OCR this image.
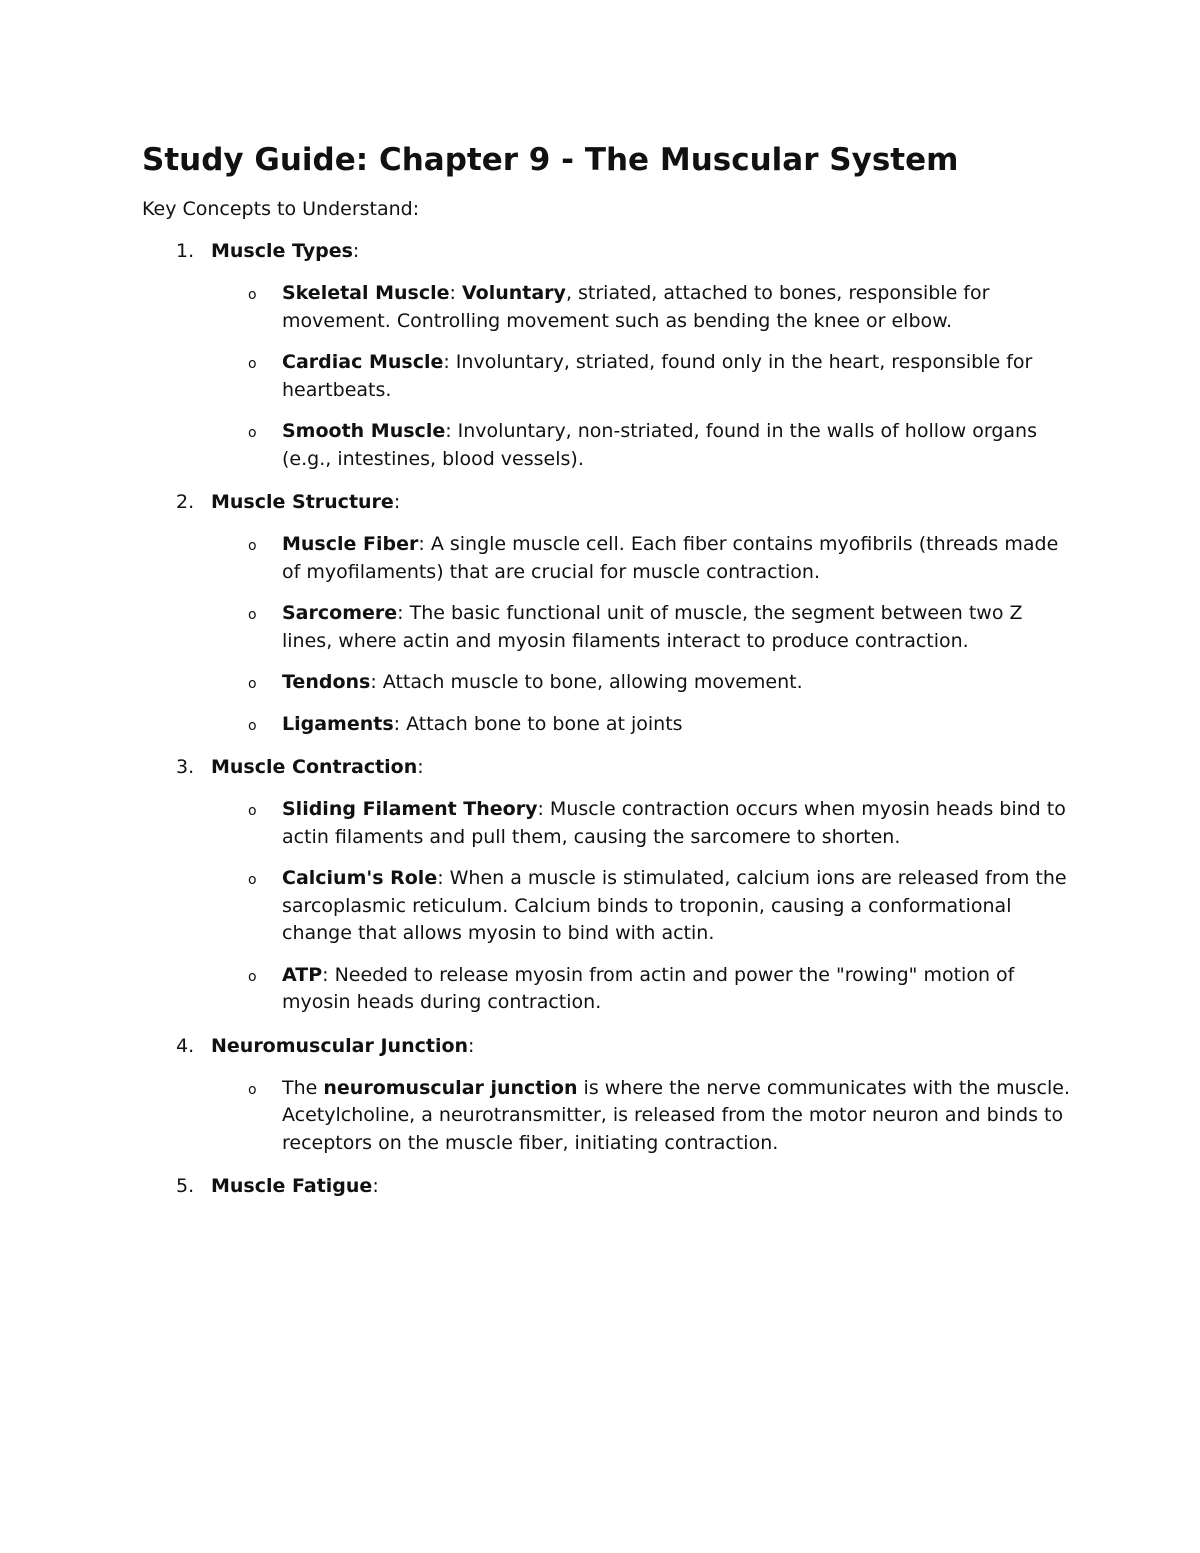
Study Guide: Chapter 9 - The Muscular System

Key Concepts to Understand:

1. Muscle Types:
o Skeletal Muscle: Voluntary, striated, attached to bones, responsible for movement. Controlling movement such as bending the knee or elbow.
o Cardiac Muscle: Involuntary, striated, found only in the heart, responsible for heartbeats.
o Smooth Muscle: Involuntary, non-striated, found in the walls of hollow organs (e.g., intestines, blood vessels).
2. Muscle Structure:
o Muscle Fiber: A single muscle cell. Each fiber contains myofibrils (threads made of myofilaments) that are crucial for muscle contraction.
o Sarcomere: The basic functional unit of muscle, the segment between two Z lines, where actin and myosin filaments interact to produce contraction.
o Tendons: Attach muscle to bone, allowing movement.
o Ligaments: Attach bone to bone at joints
3. Muscle Contraction:
o Sliding Filament Theory: Muscle contraction occurs when myosin heads bind to actin filaments and pull them, causing the sarcomere to shorten.
o Calcium's Role: When a muscle is stimulated, calcium ions are released from the sarcoplasmic reticulum. Calcium binds to troponin, causing a conformational change that allows myosin to bind with actin.
o ATP: Needed to release myosin from actin and power the "rowing" motion of myosin heads during contraction.
4. Neuromuscular Junction:
o The neuromuscular junction is where the nerve communicates with the muscle. Acetylcholine, a neurotransmitter, is released from the motor neuron and binds to receptors on the muscle fiber, initiating contraction.
5. Muscle Fatigue:
